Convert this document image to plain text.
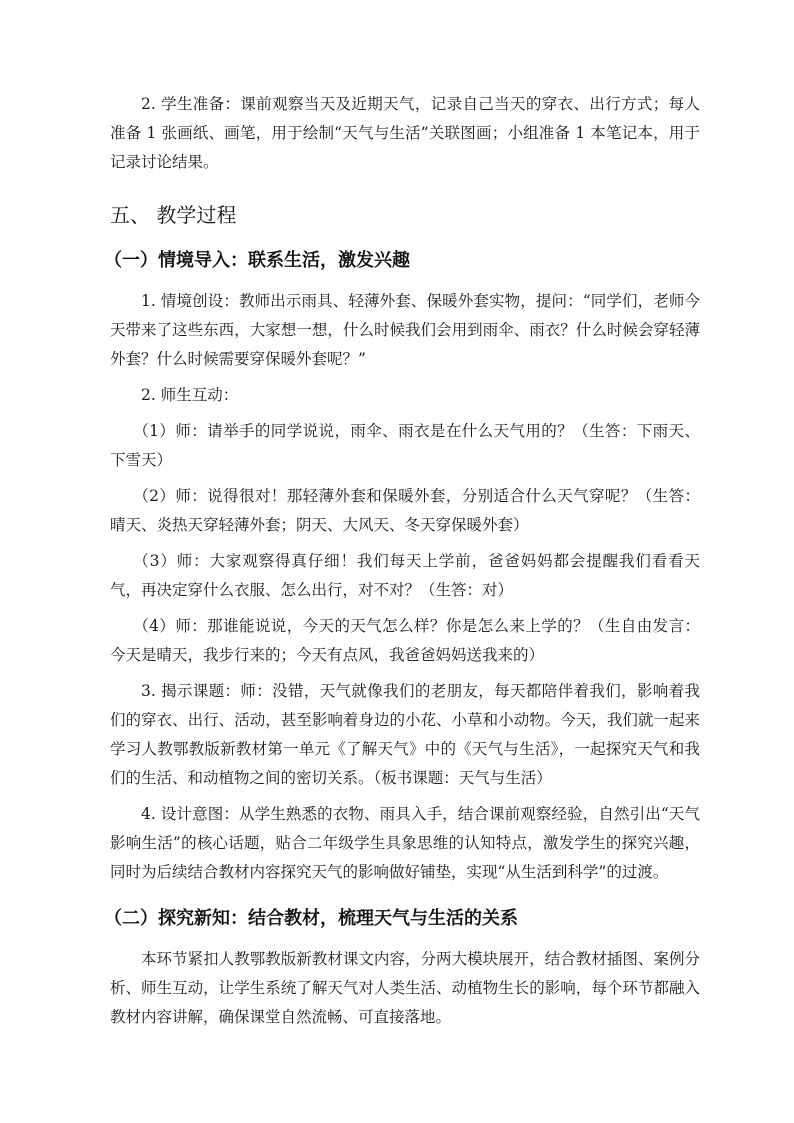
2. 学生准备：课前观察当天及近期天气，记录自己当天的穿衣、出行方式；每人准备 1 张画纸、画笔，用于绘制“天气与生活”关联图画；小组准备 1 本笔记本，用于记录讨论结果。

五、 教学过程
（一）情境导入：联系生活，激发兴趣

1. 情境创设：教师出示雨具、轻薄外套、保暖外套实物，提问：“同学们，老师今天带来了这些东西，大家想一想，什么时候我们会用到雨伞、雨衣？什么时候会穿轻薄外套？什么时候需要穿保暖外套呢？”

2. 师生互动：

（1）师：请举手的同学说说，雨伞、雨衣是在什么天气用的？（生答：下雨天、下雪天）

（2）师：说得很对！那轻薄外套和保暖外套，分别适合什么天气穿呢？（生答：晴天、炎热天穿轻薄外套；阴天、大风天、冬天穿保暖外套）

（3）师：大家观察得真仔细！我们每天上学前，爸爸妈妈都会提醒我们看看天气，再决定穿什么衣服、怎么出行，对不对？（生答：对）

（4）师：那谁能说说，今天的天气怎么样？你是怎么来上学的？（生自由发言：今天是晴天，我步行来的；今天有点风，我爸爸妈妈送我来的）

3. 揭示课题：师：没错，天气就像我们的老朋友，每天都陪伴着我们，影响着我们的穿衣、出行、活动，甚至影响着身边的小花、小草和小动物。今天，我们就一起来学习人教鄂教版新教材第一单元《了解天气》中的《天气与生活》，一起探究天气和我们的生活、和动植物之间的密切关系。（板书课题：天气与生活）

4. 设计意图：从学生熟悉的衣物、雨具入手，结合课前观察经验，自然引出“天气影响生活”的核心话题，贴合二年级学生具象思维的认知特点，激发学生的探究兴趣，同时为后续结合教材内容探究天气的影响做好铺垫，实现“从生活到科学”的过渡。

（二）探究新知：结合教材，梳理天气与生活的关系

本环节紧扣人教鄂教版新教材课文内容，分两大模块展开，结合教材插图、案例分析、师生互动，让学生系统了解天气对人类生活、动植物生长的影响，每个环节都融入教材内容讲解，确保课堂自然流畅、可直接落地。
